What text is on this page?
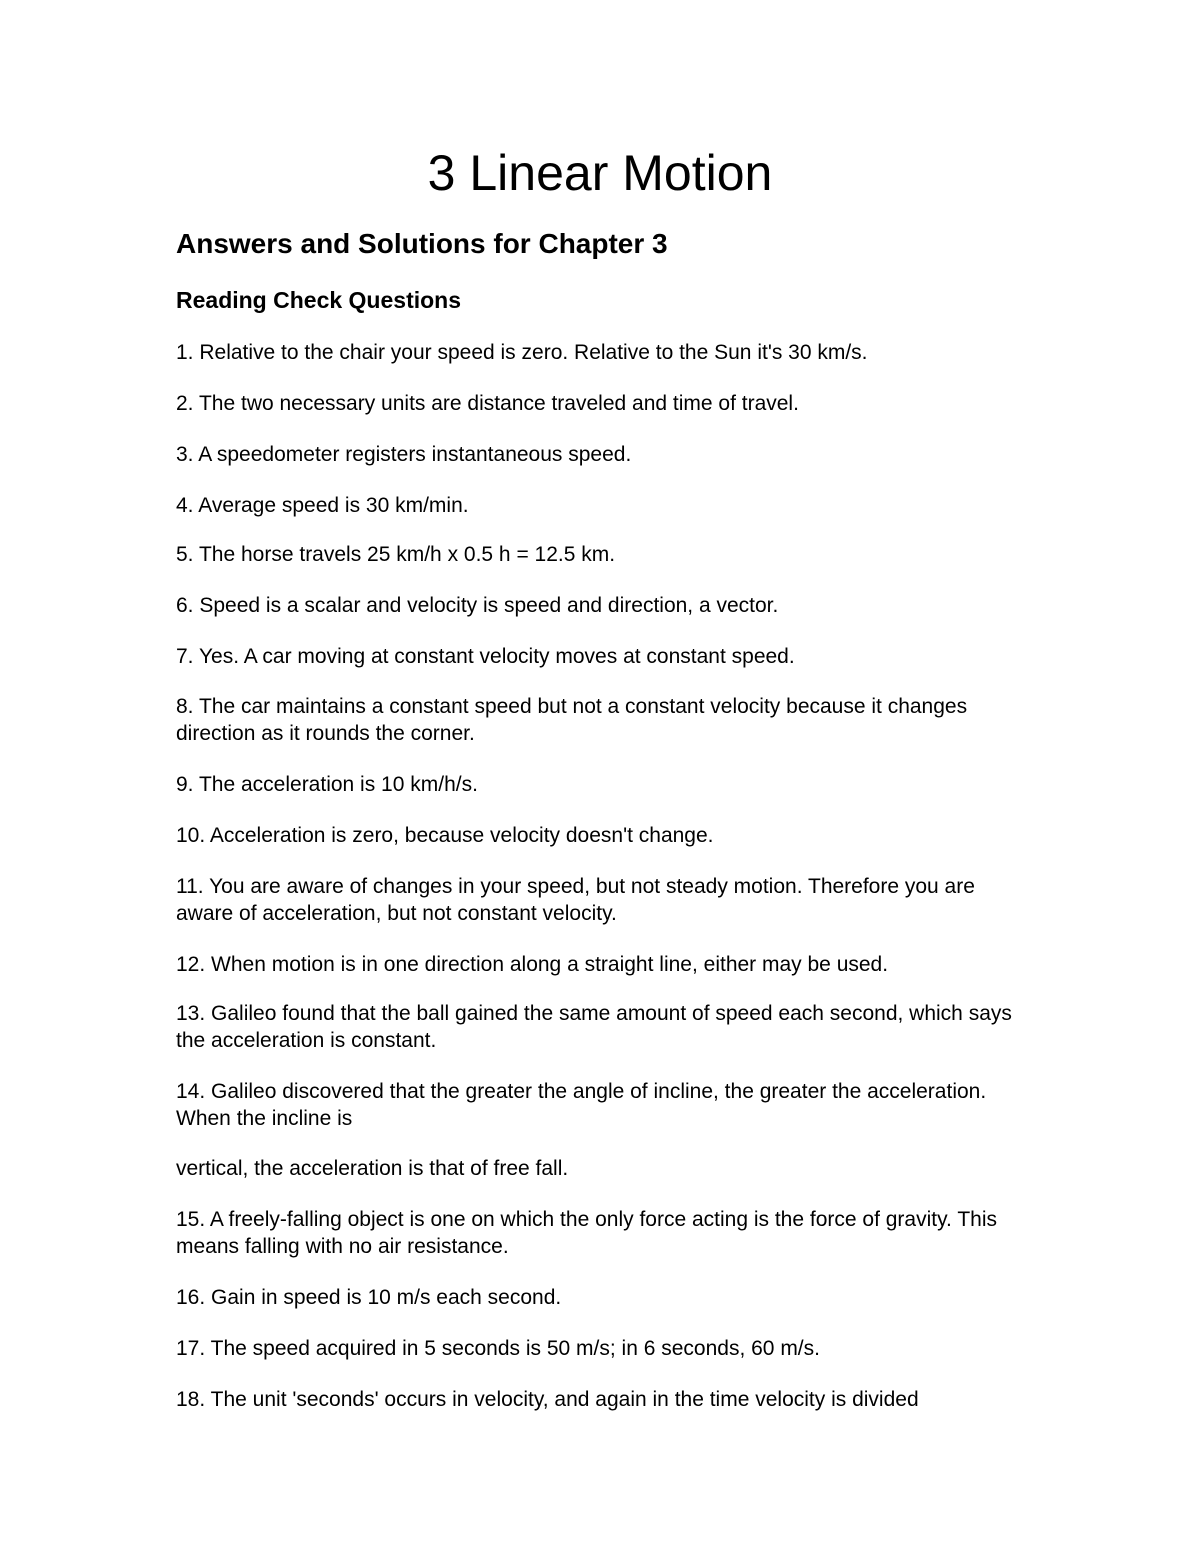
3 Linear Motion
Answers and Solutions for Chapter 3
Reading Check Questions

1. Relative to the chair your speed is zero. Relative to the Sun it's 30 km/s.

2. The two necessary units are distance traveled and time of travel.

3. A speedometer registers instantaneous speed.

4. Average speed is 30 km/min.

5. The horse travels 25 km/h x 0.5 h = 12.5 km.

6. Speed is a scalar and velocity is speed and direction, a vector.

7. Yes. A car moving at constant velocity moves at constant speed.

8. The car maintains a constant speed but not a constant velocity because it changes direction as it rounds the corner.

9. The acceleration is 10 km/h/s.

10. Acceleration is zero, because velocity doesn't change.

11. You are aware of changes in your speed, but not steady motion. Therefore you are aware of acceleration, but not constant velocity.

12. When motion is in one direction along a straight line, either may be used.

13. Galileo found that the ball gained the same amount of speed each second, which says the acceleration is constant.

14. Galileo discovered that the greater the angle of incline, the greater the acceleration. When the incline is

vertical, the acceleration is that of free fall.

15. A freely-falling object is one on which the only force acting is the force of gravity. This means falling with no air resistance.

16. Gain in speed is 10 m/s each second.

17. The speed acquired in 5 seconds is 50 m/s; in 6 seconds, 60 m/s.

18. The unit 'seconds' occurs in velocity, and again in the time velocity is divided
